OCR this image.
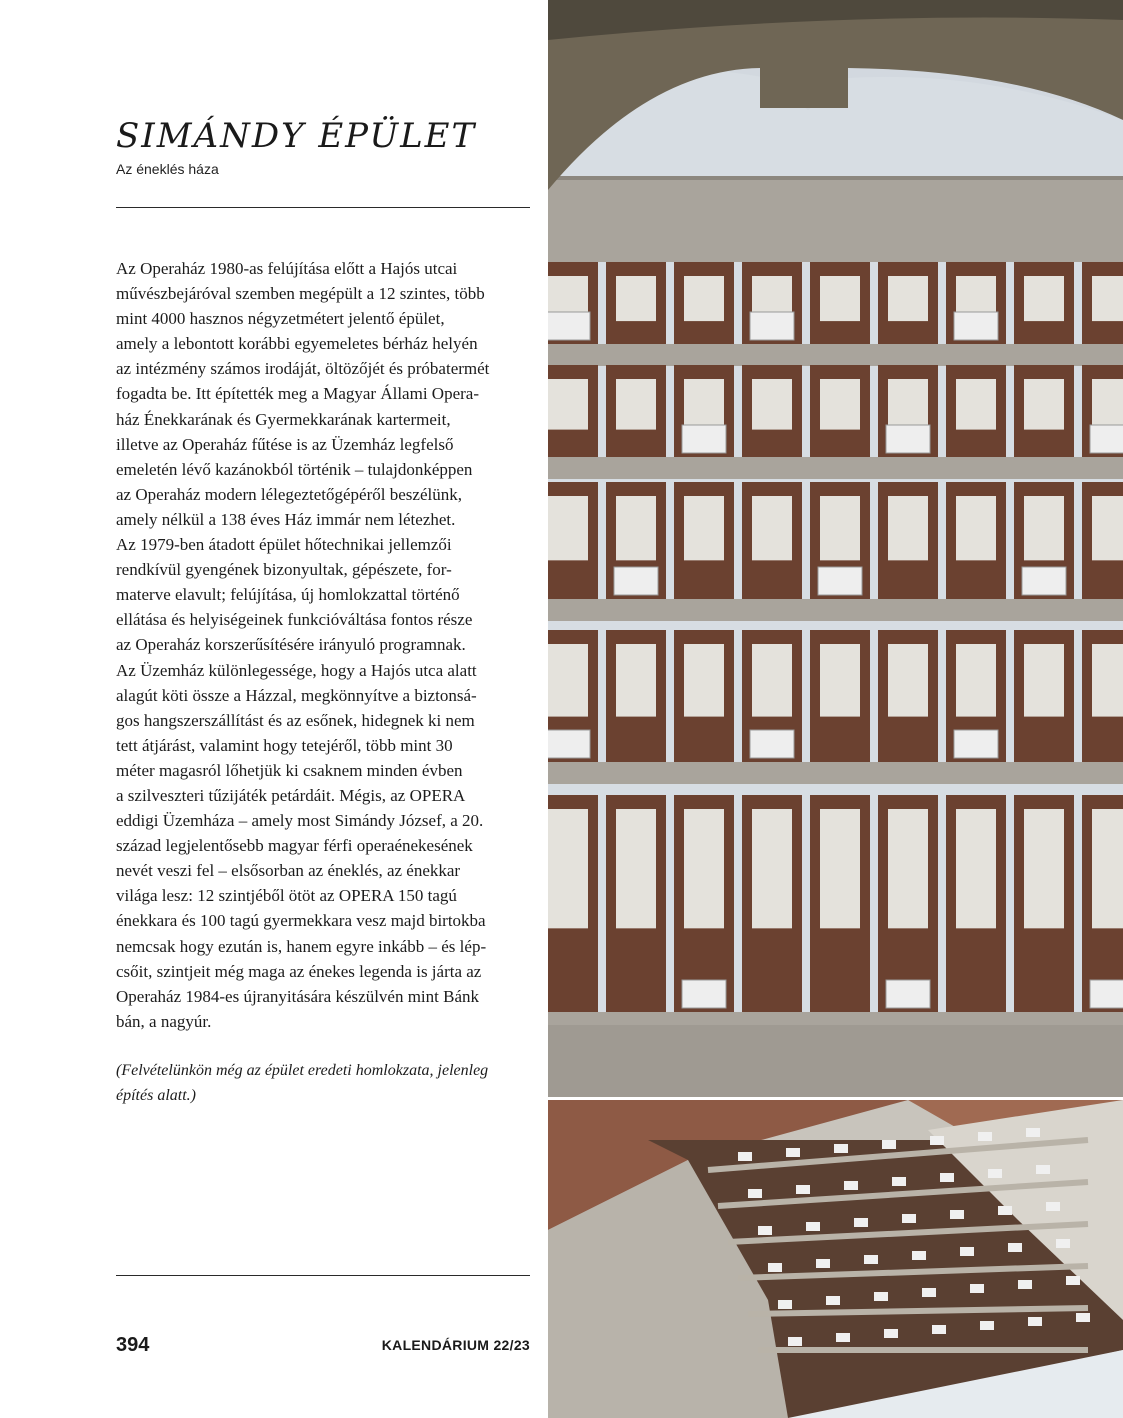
SIMÁNDY ÉPÜLET
Az éneklés háza
Az Operaház 1980-as felújítása előtt a Hajós utcai
művészbejáróval szemben megépült a 12 szintes, több
mint 4000 hasznos négyzetmétert jelentő épület,
amely a lebontott korábbi egyemeletes bérház helyén
az intézmény számos irodáját, öltözőjét és próbatermét
fogadta be. Itt építették meg a Magyar Állami Opera-
ház Énekkarának és Gyermekkarának kartermeit,
illetve az Operaház fűtése is az Üzemház legfelső
emeletén lévő kazánokból történik – tulajdonképpen
az Operaház modern lélegeztetőgépéről beszélünk,
amely nélkül a 138 éves Ház immár nem létezhet.
Az 1979-ben átadott épület hőtechnikai jellemzői
rendkívül gyengének bizonyultak, gépészete, for-
materve elavult; felújítása, új homlokzattal történő
ellátása és helyiségeinek funkcióváltása fontos része
az Operaház korszerűsítésére irányuló programnak.
Az Üzemház különlegessége, hogy a Hajós utca alatt
alagút köti össze a Házzal, megkönnyítve a biztonsá-
gos hangszerszállítást és az esőnek, hidegnek ki nem
tett átjárást, valamint hogy tetejéről, több mint 30
méter magasról lőhetjük ki csaknem minden évben
a szilveszteri tűzijáték petárdáit. Mégis, az OPERA
eddigi Üzemháza – amely most Simándy József, a 20.
század legjelentősebb magyar férfi operaénekesének
nevét veszi fel – elsősorban az éneklés, az énekkar
világa lesz: 12 szintjéből ötöt az OPERA 150 tagú
énekkara és 100 tagú gyermekkara vesz majd birtokba
nemcsak hogy ezután is, hanem egyre inkább – és lép-
csőit, szintjeit még maga az énekes legenda is járta az
Operaház 1984-es újranyitására készülvén mint Bánk
bán, a nagyúr.
(Felvételünkön még az épület eredeti homlokzata, jelenleg
építés alatt.)
394	KALENDÁRIUM 22/23
